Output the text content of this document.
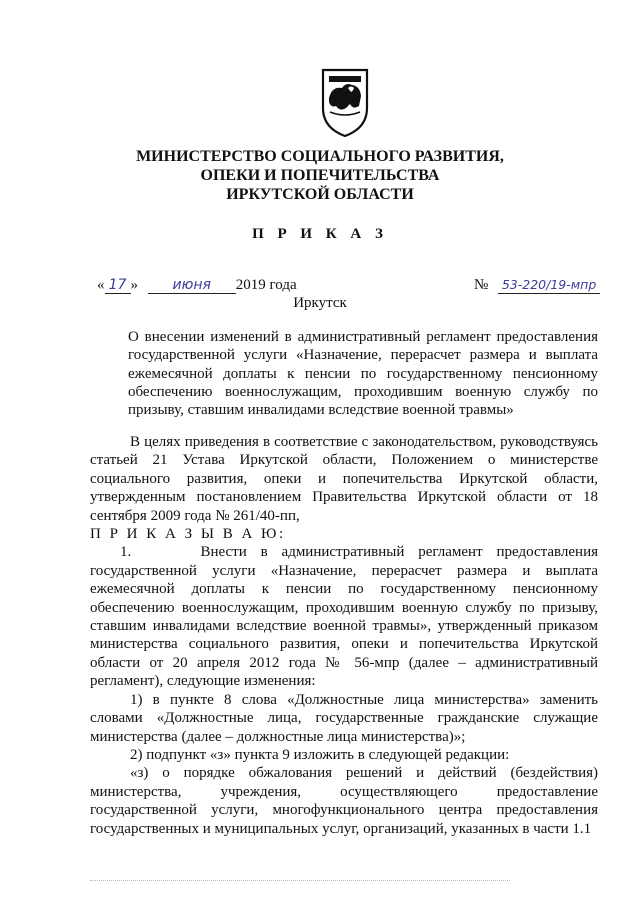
МИНИСТЕРСТВО СОЦИАЛЬНОГО РАЗВИТИЯ,
ОПЕКИ И ПОПЕЧИТЕЛЬСТВА
ИРКУТСКОЙ ОБЛАСТИ
П Р И К А З
« 17 » июня 2019 года	№ 53-220/19-мпр
Иркутск

О внесении изменений в административный регламент предоставления государственной услуги «Назначение, перерасчет размера и выплата ежемесячной доплаты к пенсии по государственному пенсионному обеспечению военнослужащим, проходившим военную службу по призыву, ставшим инвалидами вследствие военной травмы»

В целях приведения в соответствие с законодательством, руководствуясь статьей 21 Устава Иркутской области, Положением о министерстве социального развития, опеки и попечительства Иркутской области, утвержденным постановлением Правительства Иркутской области от 18 сентября 2009 года № 261/40-пп,

П Р И К А З Ы В А Ю:

1.     Внести в административный регламент предоставления государственной услуги «Назначение, перерасчет размера и выплата ежемесячной доплаты к пенсии по государственному пенсионному обеспечению военнослужащим, проходившим военную службу по призыву, ставшим инвалидами вследствие военной травмы», утвержденный приказом министерства социального развития, опеки и попечительства Иркутской области от 20 апреля 2012 года № 56-мпр (далее – административный регламент), следующие изменения:

1) в пункте 8 слова «Должностные лица министерства» заменить словами «Должностные лица, государственные гражданские служащие министерства (далее – должностные лица министерства)»;

2) подпункт «з» пункта 9 изложить в следующей редакции:

«з) о порядке обжалования решений и действий (бездействия) министерства, учреждения, осуществляющего предоставление государственной услуги, многофункционального центра предоставления государственных и муниципальных услуг, организаций, указанных в части 1.1
